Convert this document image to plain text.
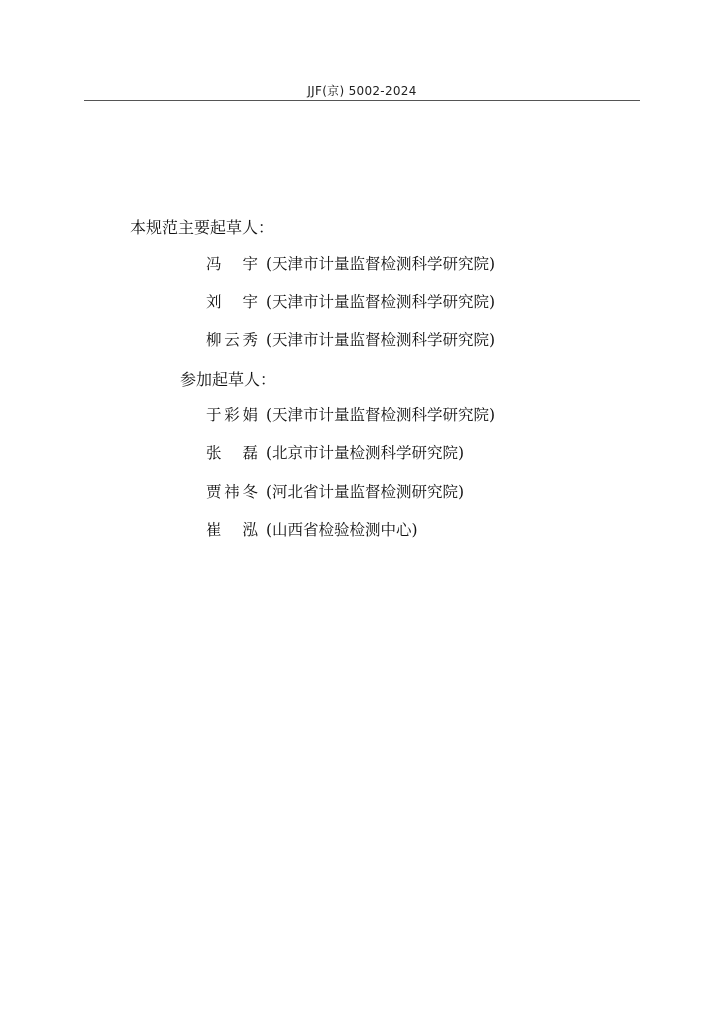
JJF(京) 5002-2024
本规范主要起草人：
冯　宇 (天津市计量监督检测科学研究院)
刘　宇 (天津市计量监督检测科学研究院)
柳云秀 (天津市计量监督检测科学研究院)
参加起草人：
于彩娟 (天津市计量监督检测科学研究院)
张　磊 (北京市计量检测科学研究院)
贾祎冬 (河北省计量监督检测研究院)
崔　泓 (山西省检验检测中心)
